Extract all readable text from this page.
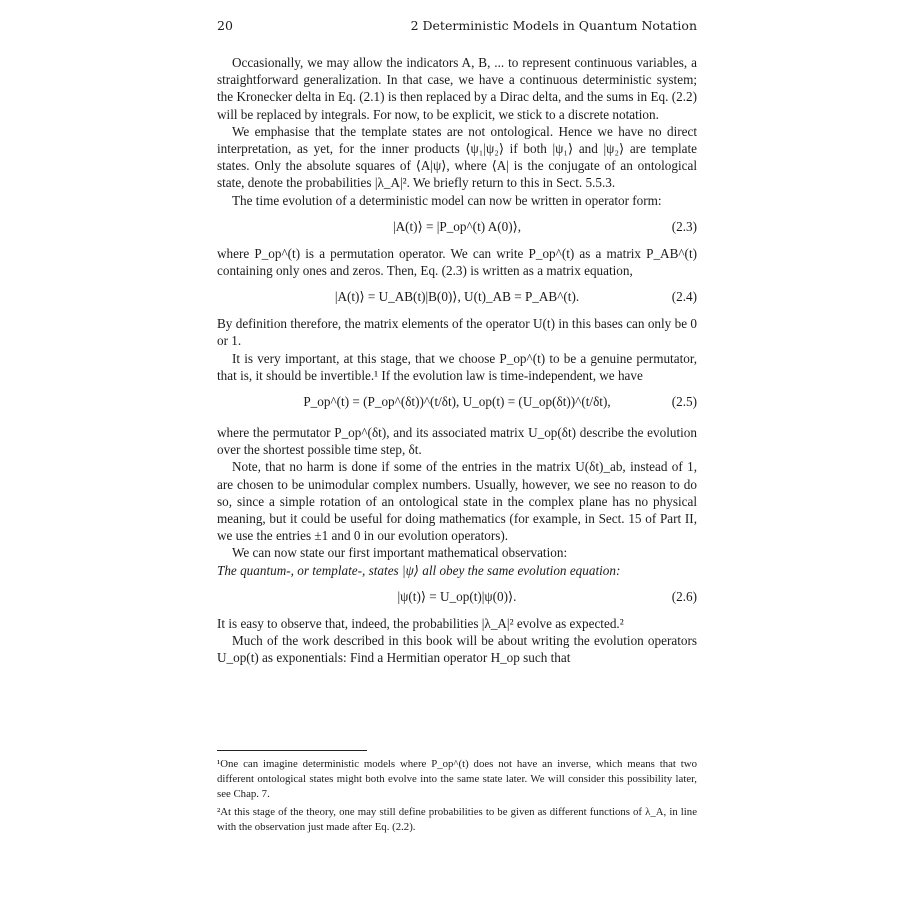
20	2 Deterministic Models in Quantum Notation

Occasionally, we may allow the indicators A, B, ... to represent continuous variables, a straightforward generalization. In that case, we have a continuous deterministic system; the Kronecker delta in Eq. (2.1) is then replaced by a Dirac delta, and the sums in Eq. (2.2) will be replaced by integrals. For now, to be explicit, we stick to a discrete notation.

We emphasise that the template states are not ontological. Hence we have no direct interpretation, as yet, for the inner products ⟨ψ₁|ψ₂⟩ if both |ψ₁⟩ and |ψ₂⟩ are template states. Only the absolute squares of ⟨A|ψ⟩, where ⟨A| is the conjugate of an ontological state, denote the probabilities |λ_A|². We briefly return to this in Sect. 5.5.3.

The time evolution of a deterministic model can now be written in operator form:

|A(t)⟩ = |P_op^(t) A(0)⟩,	(2.3)

where P_op^(t) is a permutation operator. We can write P_op^(t) as a matrix P_AB^(t) containing only ones and zeros. Then, Eq. (2.3) is written as a matrix equation,

|A(t)⟩ = U_AB(t)|B(0)⟩, U(t)_AB = P_AB^(t).	(2.4)

By definition therefore, the matrix elements of the operator U(t) in this bases can only be 0 or 1.

It is very important, at this stage, that we choose P_op^(t) to be a genuine permutator, that is, it should be invertible.¹ If the evolution law is time-independent, we have

P_op^(t) = (P_op^(δt))^(t/δt), U_op(t) = (U_op(δt))^(t/δt),	(2.5)

where the permutator P_op^(δt), and its associated matrix U_op(δt) describe the evolution over the shortest possible time step, δt.

Note, that no harm is done if some of the entries in the matrix U(δt)_ab, instead of 1, are chosen to be unimodular complex numbers. Usually, however, we see no reason to do so, since a simple rotation of an ontological state in the complex plane has no physical meaning, but it could be useful for doing mathematics (for example, in Sect. 15 of Part II, we use the entries ±1 and 0 in our evolution operators).

We can now state our first important mathematical observation:

The quantum-, or template-, states |ψ⟩ all obey the same evolution equation:

|ψ(t)⟩ = U_op(t)|ψ(0)⟩.	(2.6)

It is easy to observe that, indeed, the probabilities |λ_A|² evolve as expected.²

Much of the work described in this book will be about writing the evolution operators U_op(t) as exponentials: Find a Hermitian operator H_op such that

¹One can imagine deterministic models where P_op^(t) does not have an inverse, which means that two different ontological states might both evolve into the same state later. We will consider this possibility later, see Chap. 7.

²At this stage of the theory, one may still define probabilities to be given as different functions of λ_A, in line with the observation just made after Eq. (2.2).
